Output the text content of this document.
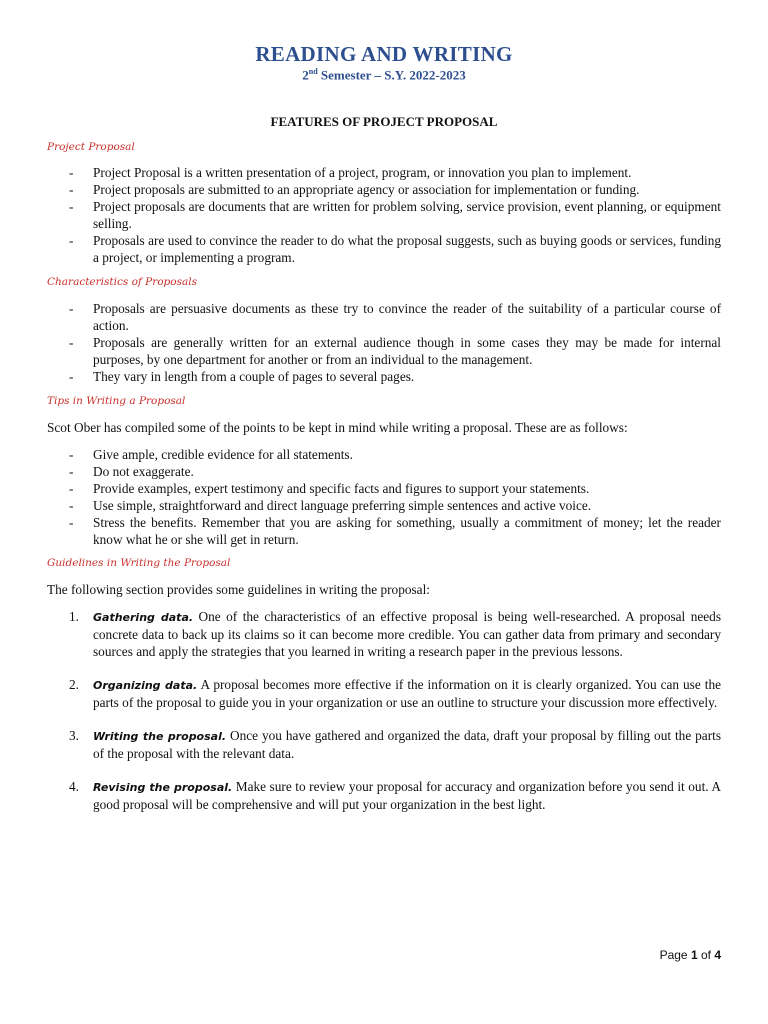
READING AND WRITING
2nd Semester – S.Y. 2022-2023
FEATURES OF PROJECT PROPOSAL
Project Proposal
- Project Proposal is a written presentation of a project, program, or innovation you plan to implement.
- Project proposals are submitted to an appropriate agency or association for implementation or funding.
- Project proposals are documents that are written for problem solving, service provision, event planning, or equipment selling.
- Proposals are used to convince the reader to do what the proposal suggests, such as buying goods or services, funding a project, or implementing a program.
Characteristics of Proposals
- Proposals are persuasive documents as these try to convince the reader of the suitability of a particular course of action.
- Proposals are generally written for an external audience though in some cases they may be made for internal purposes, by one department for another or from an individual to the management.
- They vary in length from a couple of pages to several pages.
Tips in Writing a Proposal
Scot Ober has compiled some of the points to be kept in mind while writing a proposal. These are as follows:
- Give ample, credible evidence for all statements.
- Do not exaggerate.
- Provide examples, expert testimony and specific facts and figures to support your statements.
- Use simple, straightforward and direct language preferring simple sentences and active voice.
- Stress the benefits. Remember that you are asking for something, usually a commitment of money; let the reader know what he or she will get in return.
Guidelines in Writing the Proposal
The following section provides some guidelines in writing the proposal:
1. Gathering data. One of the characteristics of an effective proposal is being well-researched. A proposal needs concrete data to back up its claims so it can become more credible. You can gather data from primary and secondary sources and apply the strategies that you learned in writing a research paper in the previous lessons.
2. Organizing data. A proposal becomes more effective if the information on it is clearly organized. You can use the parts of the proposal to guide you in your organization or use an outline to structure your discussion more effectively.
3. Writing the proposal. Once you have gathered and organized the data, draft your proposal by filling out the parts of the proposal with the relevant data.
4. Revising the proposal. Make sure to review your proposal for accuracy and organization before you send it out. A good proposal will be comprehensive and will put your organization in the best light.
Page 1 of 4
